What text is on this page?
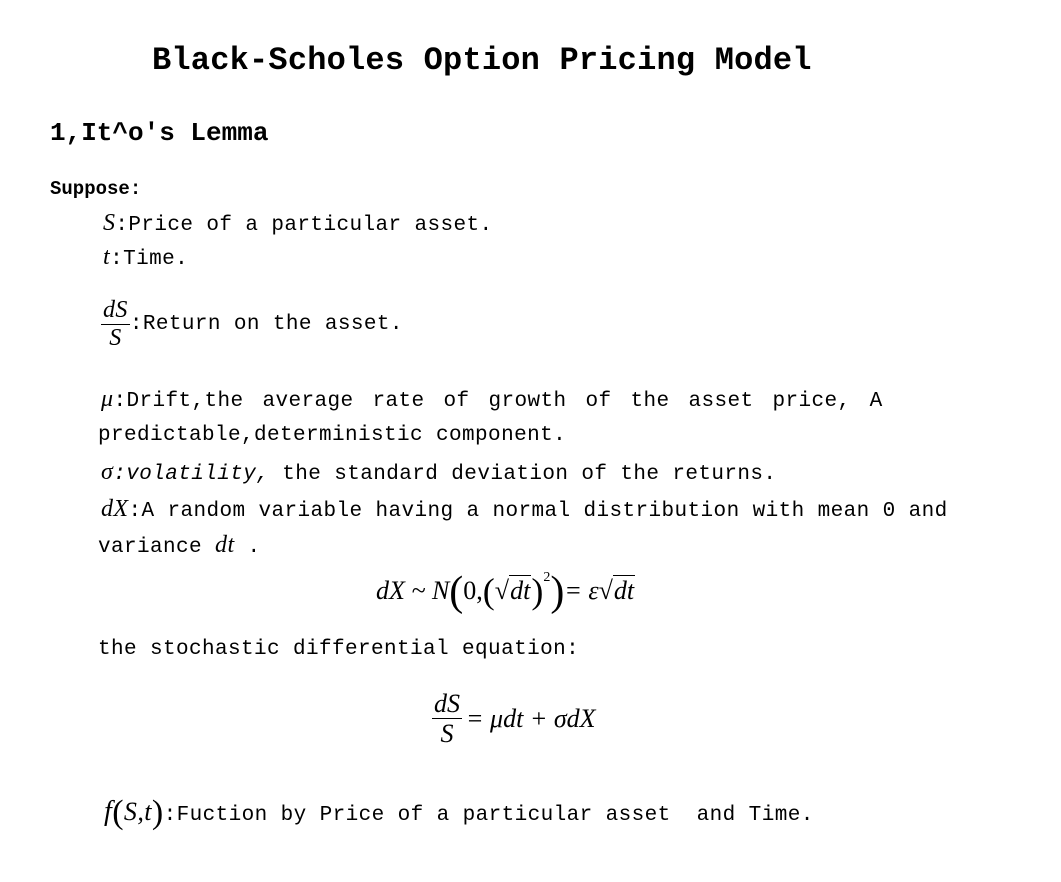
Black-Scholes Option Pricing Model
1,It^o's Lemma
Suppose:
S:Price of a particular asset.
t:Time.
$\frac{dS}{S}$ :Return on the asset.
μ:Drift,the average rate of growth of the asset price, A
predictable,deterministic component.
σ:volatility, the standard deviation of the returns.
dX:A random variable having a normal distribution with mean 0 and
variance dt .
dX ~ $N(0,(√dt)^2)= \varepsilon√dt$
the stochastic differential equation:
$\frac{dS}{S} = \mu dt + \sigma dX$
f(S,t):Fuction by Price of a particular asset  and Time.
